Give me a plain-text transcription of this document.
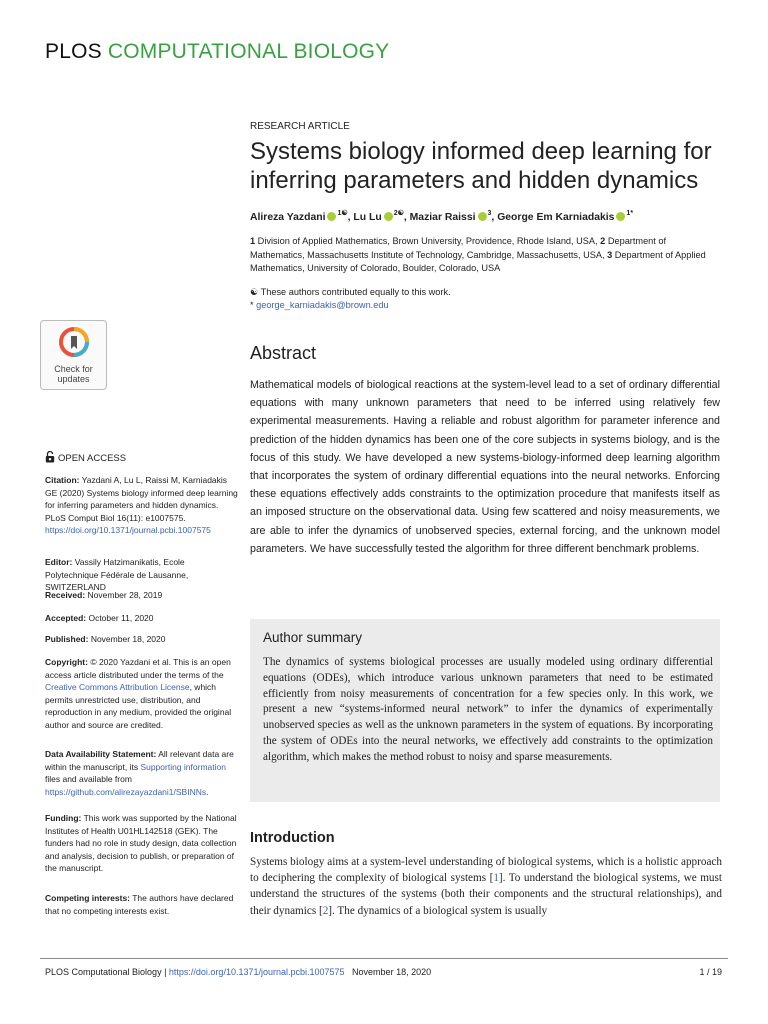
PLOS COMPUTATIONAL BIOLOGY
RESEARCH ARTICLE
Systems biology informed deep learning for inferring parameters and hidden dynamics
Alireza Yazdani $^{1☯}$, Lu Lu $^{2☯}$, Maziar Raissi $^3$, George Em Karniadakis $^{1*}$
1 Division of Applied Mathematics, Brown University, Providence, Rhode Island, USA, 2 Department of Mathematics, Massachusetts Institute of Technology, Cambridge, Massachusetts, USA, 3 Department of Applied Mathematics, University of Colorado, Boulder, Colorado, USA
☯ These authors contributed equally to this work.
* george_karniadakis@brown.edu
Check for
updates
Abstract
Mathematical models of biological reactions at the system-level lead to a set of ordinary differential equations with many unknown parameters that need to be inferred using relatively few experimental measurements. Having a reliable and robust algorithm for parameter inference and prediction of the hidden dynamics has been one of the core subjects in systems biology, and is the focus of this study. We have developed a new systems-biology-informed deep learning algorithm that incorporates the system of ordinary differential equations into the neural networks. Enforcing these equations effectively adds constraints to the optimization procedure that manifests itself as an imposed structure on the observational data. Using few scattered and noisy measurements, we are able to infer the dynamics of unobserved species, external forcing, and the unknown model parameters. We have successfully tested the algorithm for three different benchmark problems.
OPEN ACCESS
Citation: Yazdani A, Lu L, Raissi M, Karniadakis GE (2020) Systems biology informed deep learning for inferring parameters and hidden dynamics. PLoS Comput Biol 16(11): e1007575. https://doi.org/10.1371/journal.pcbi.1007575
Editor: Vassily Hatzimanikatis, Ecole Polytechnique Fédérale de Lausanne, SWITZERLAND
Received: November 28, 2019
Accepted: October 11, 2020
Published: November 18, 2020
Copyright: © 2020 Yazdani et al. This is an open access article distributed under the terms of the Creative Commons Attribution License, which permits unrestricted use, distribution, and reproduction in any medium, provided the original author and source are credited.
Data Availability Statement: All relevant data are within the manuscript, its Supporting information files and available from https://github.com/alirezayazdani1/SBINNs.
Funding: This work was supported by the National Institutes of Health U01HL142518 (GEK). The funders had no role in study design, data collection and analysis, decision to publish, or preparation of the manuscript.
Competing interests: The authors have declared that no competing interests exist.
Author summary
The dynamics of systems biological processes are usually modeled using ordinary differential equations (ODEs), which introduce various unknown parameters that need to be estimated efficiently from noisy measurements of concentration for a few species only. In this work, we present a new “systems-informed neural network” to infer the dynamics of experimentally unobserved species as well as the unknown parameters in the system of equations. By incorporating the system of ODEs into the neural networks, we effectively add constraints to the optimization algorithm, which makes the method robust to noisy and sparse measurements.
Introduction
Systems biology aims at a system-level understanding of biological systems, which is a holistic approach to deciphering the complexity of biological systems [1]. To understand the biological systems, we must understand the structures of the systems (both their components and the structural relationships), and their dynamics [2]. The dynamics of a biological system is usually
PLOS Computational Biology | https://doi.org/10.1371/journal.pcbi.1007575   November 18, 2020	1 / 19
